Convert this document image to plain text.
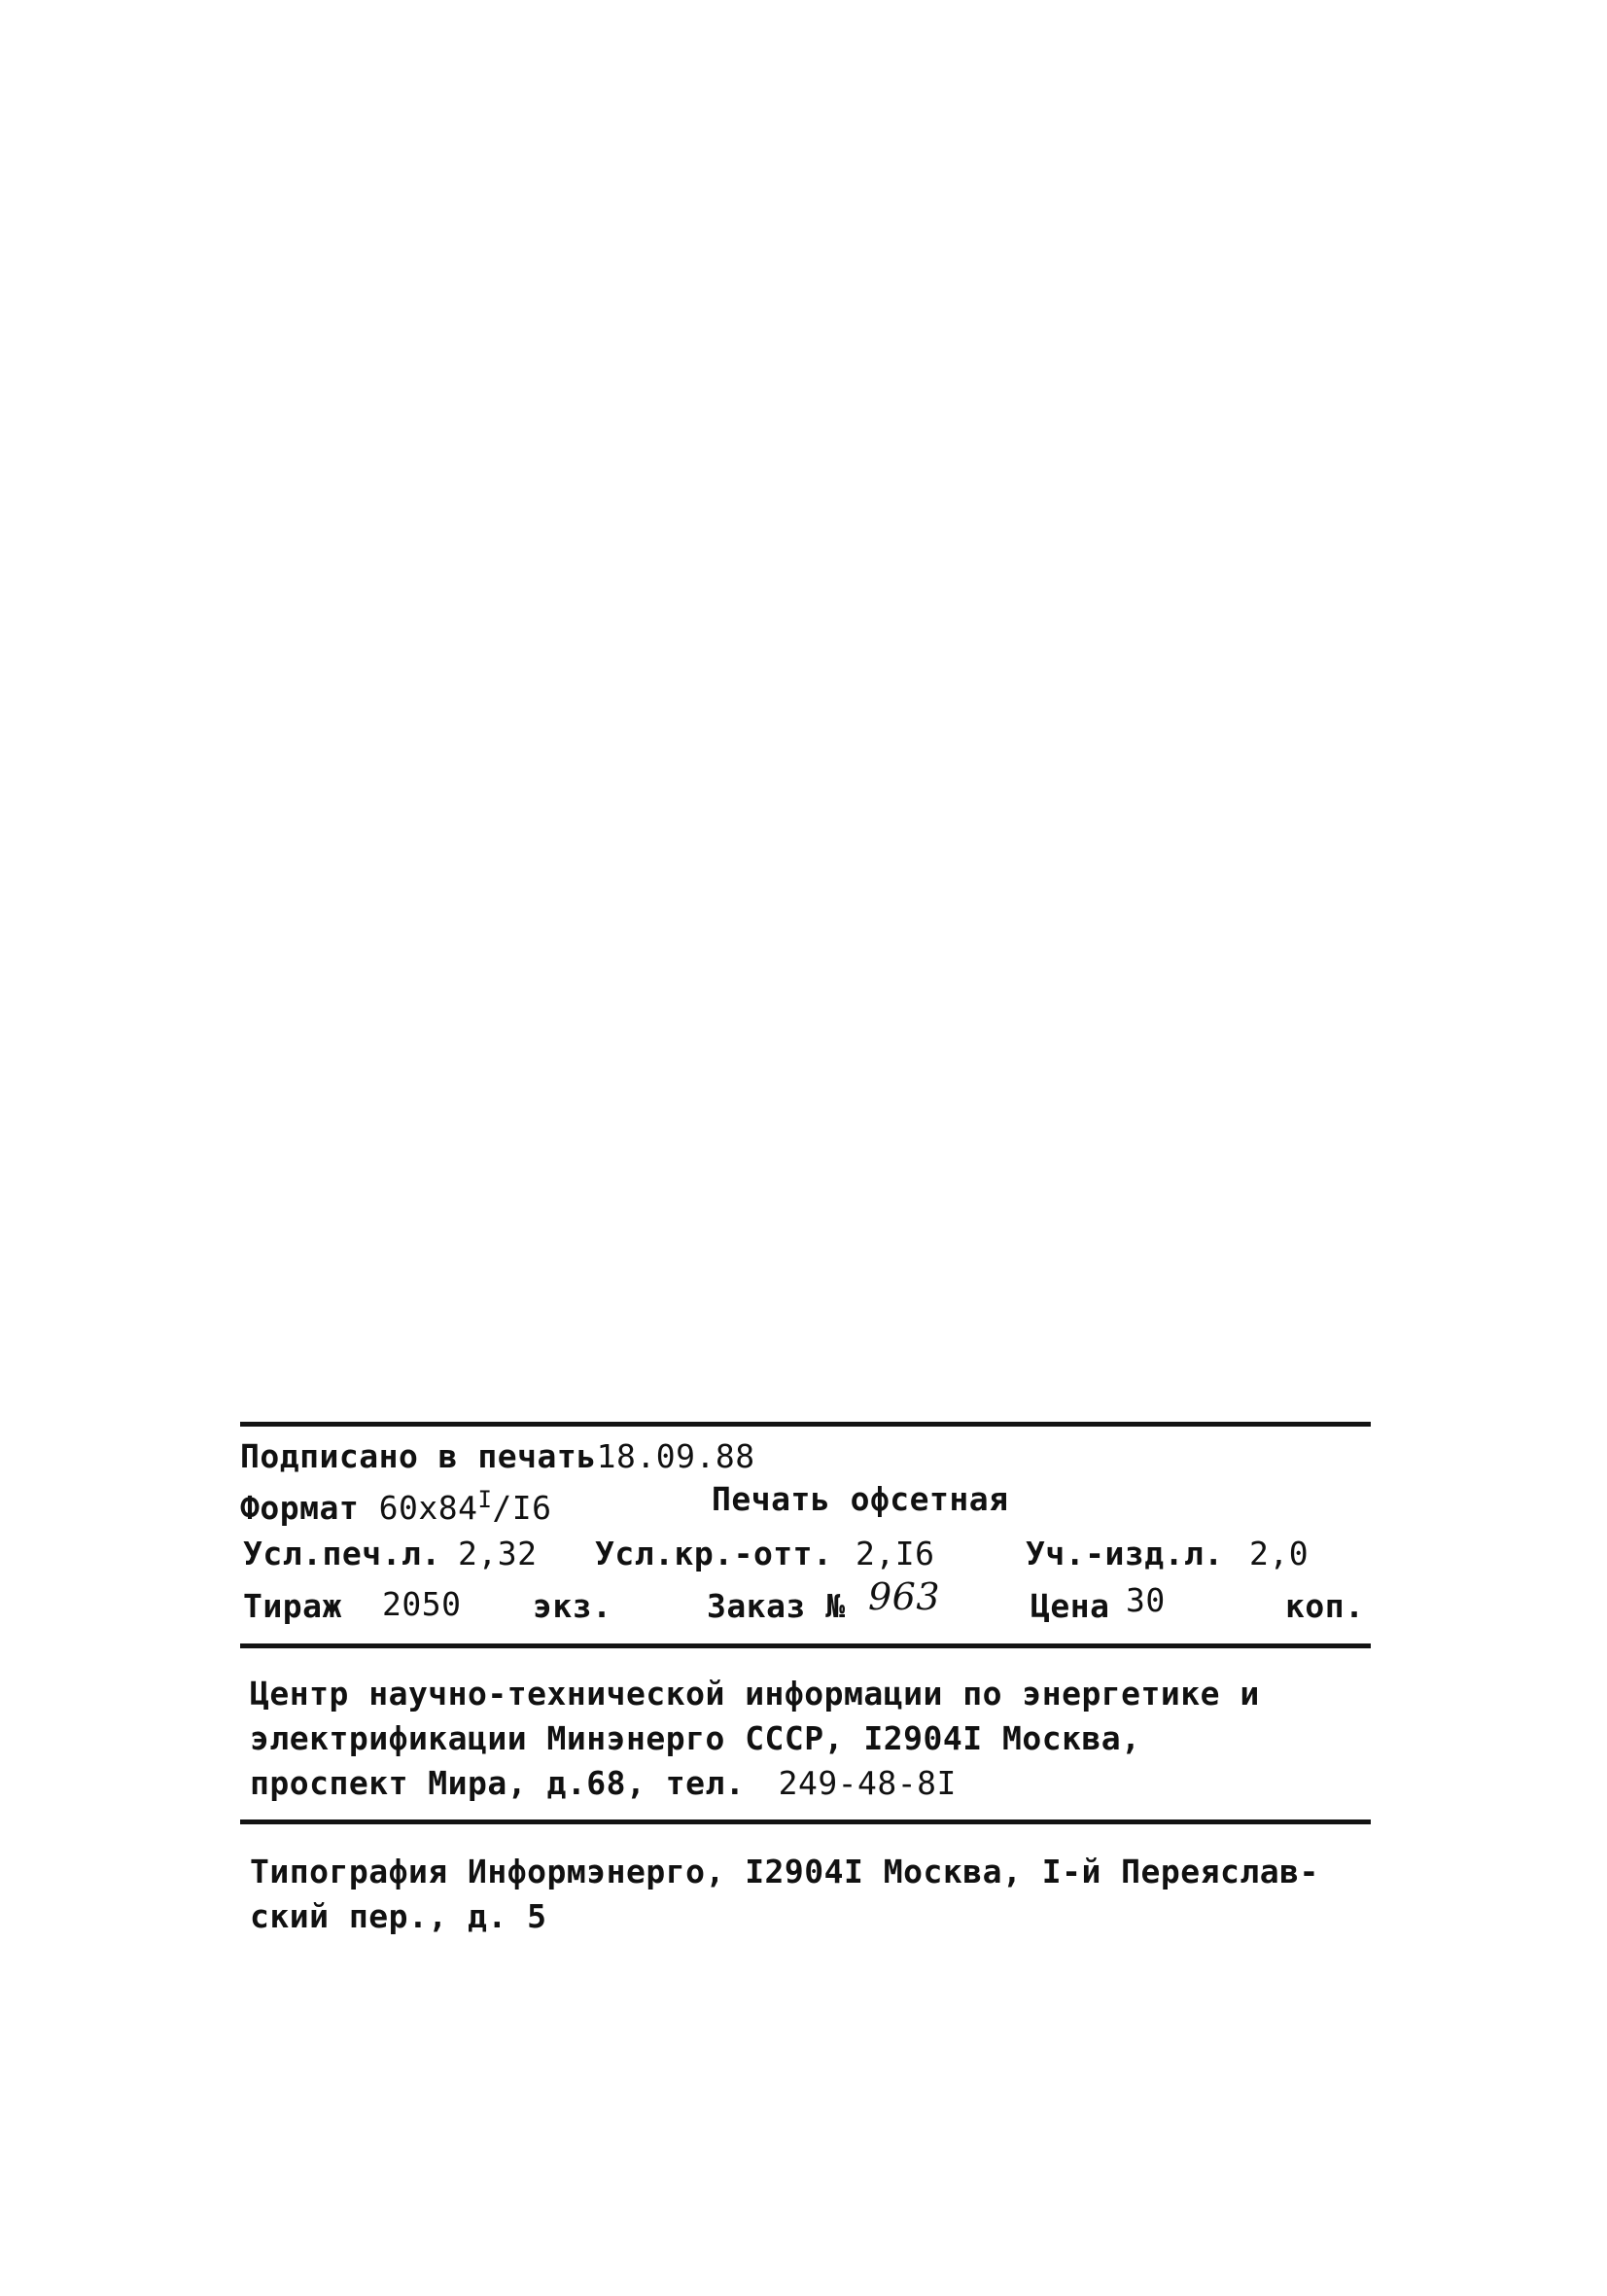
Подписано в печать18.09.88
Формат $60x84^I/I6$	Печать офсетная
Усл.печ.л. 2,32 Усл.кр.-отт. 2,I6	Уч.-изд.л. 2,0
Тираж 2050 экз.	Заказ № 963	Цена 30	коп.
Центр научно-технической информации по энергетике и
электрификации Минэнерго СССР, I2904I Москва,
проспект Мира, д.68, тел. 249-48-8I
Типография Информэнерго, I2904I Москва, I-й Переяслав-
ский пер., д. 5
